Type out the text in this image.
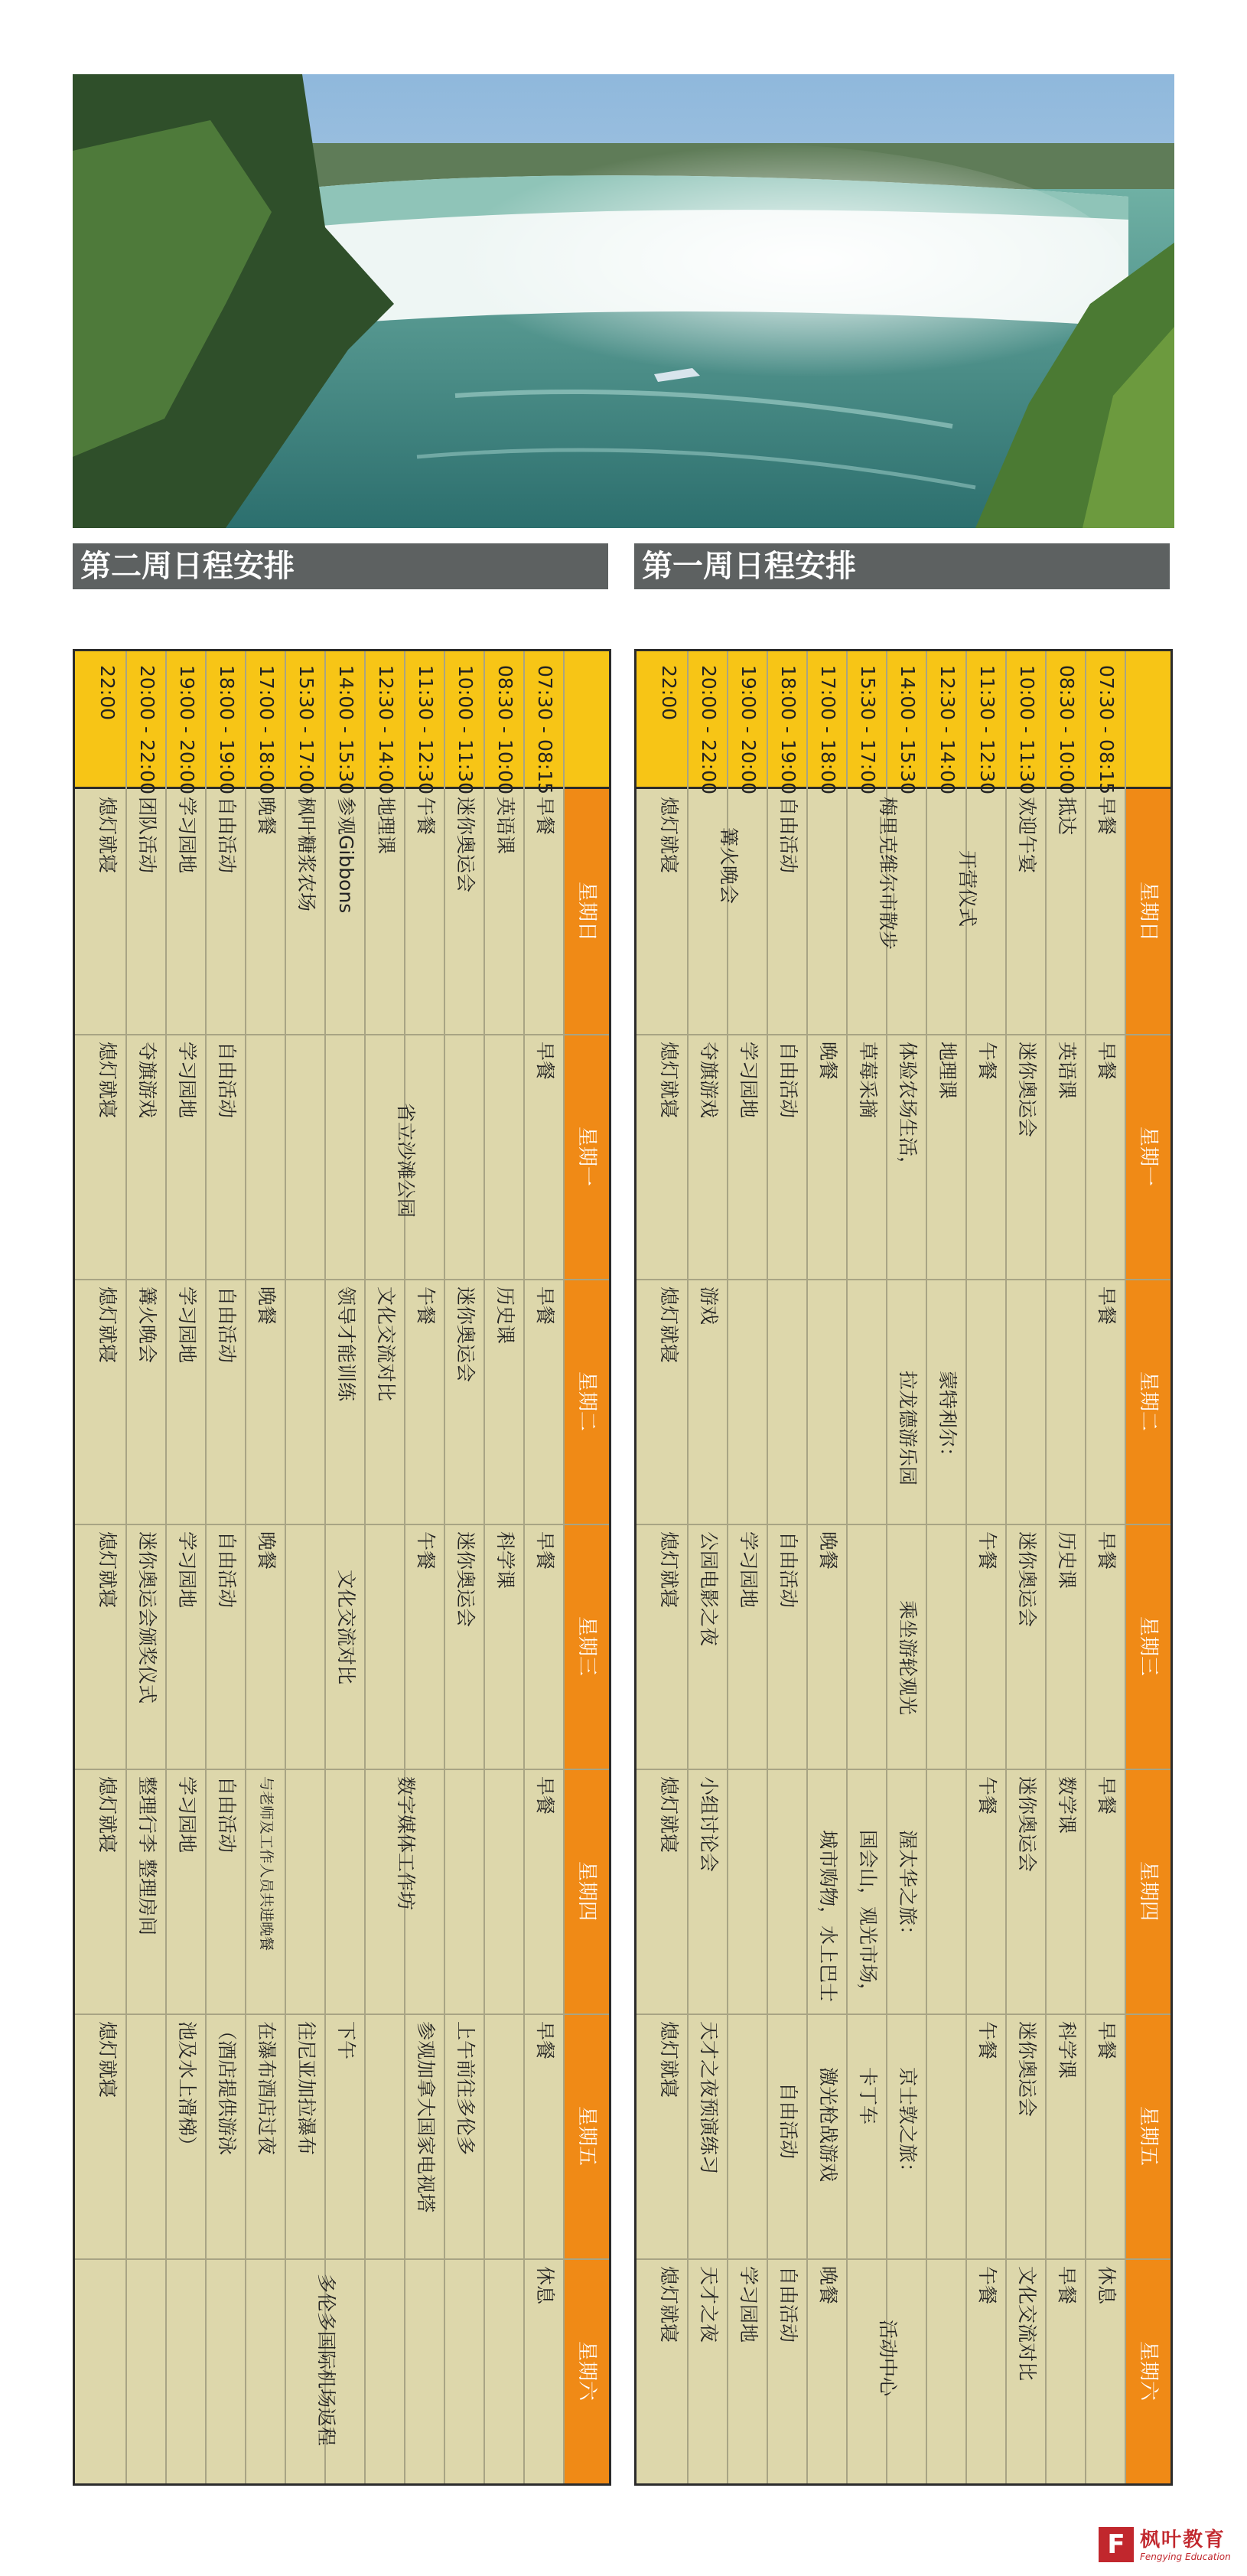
第二周日程安排	第一周日程安排
星期日
星期一
星期二
星期三
星期四
星期五
星期六
07:30 - 08:15
08:30 - 10:00
10:00 - 11:30
11:30 - 12:30
12:30 - 14:00
14:00 - 15:30
15:30 - 17:00
17:00 - 18:00
18:00 - 19:00
19:00 - 20:00
20:00 - 22:00
22:00
早餐
抵达
欢迎午宴
开营仪式
梅里克维尔市散步
自由活动
篝火晚会
熄灯就寝
早餐
英语课
迷你奥运会
午餐
地理课
体验农场生活，
草莓采摘
晚餐
自由活动
学习园地
夺旗游戏
熄灯就寝
早餐
蒙特利尔：
拉龙德游乐园
游戏
熄灯就寝
早餐
历史课
迷你奥运会
午餐
乘坐游轮观光
晚餐
自由活动
学习园地
公园电影之夜
熄灯就寝
早餐
数学课
迷你奥运会
午餐
渥太华之旅：
国会山，观光市场，
城市购物，水上巴士
小组讨论会
熄灯就寝
早餐
科学课
迷你奥运会
午餐
京士敦之旅：
卡丁车
激光枪战游戏
自由活动
天才之夜预演练习
熄灯就寝
休息
早餐
文化交流对比
午餐
活动中心
晚餐
自由活动
学习园地
天才之夜
熄灯就寝
星期日
星期一
星期二
星期三
星期四
星期五
星期六
07:30 - 08:15
08:30 - 10:00
10:00 - 11:30
11:30 - 12:30
12:30 - 14:00
14:00 - 15:30
15:30 - 17:00
17:00 - 18:00
18:00 - 19:00
19:00 - 20:00
20:00 - 22:00
22:00
早餐
英语课
迷你奥运会
午餐
地理课
参观Gibbons
枫叶糖浆农场
晚餐
自由活动
学习园地
团队活动
熄灯就寝
早餐
省立沙滩公园
自由活动
学习园地
夺旗游戏
熄灯就寝
早餐
历史课
迷你奥运会
午餐
文化交流对比
领导才能训练
晚餐
自由活动
学习园地
篝火晚会
熄灯就寝
早餐
科学课
迷你奥运会
午餐
文化交流对比
晚餐
自由活动
学习园地
迷你奥运会颁奖仪式
熄灯就寝
早餐
数字媒体工作坊
与老师及工作人员共进晚餐
自由活动
学习园地
整理行李 整理房间
熄灯就寝
早餐
上午前往多伦多
参观加拿大国家电视塔
下午
往尼亚加拉瀑布
在瀑布酒店过夜
（酒店提供游泳
池及水上滑梯）
熄灯就寝
休息
多伦多国际机场返程
F 枫叶教育
Fengying Education
